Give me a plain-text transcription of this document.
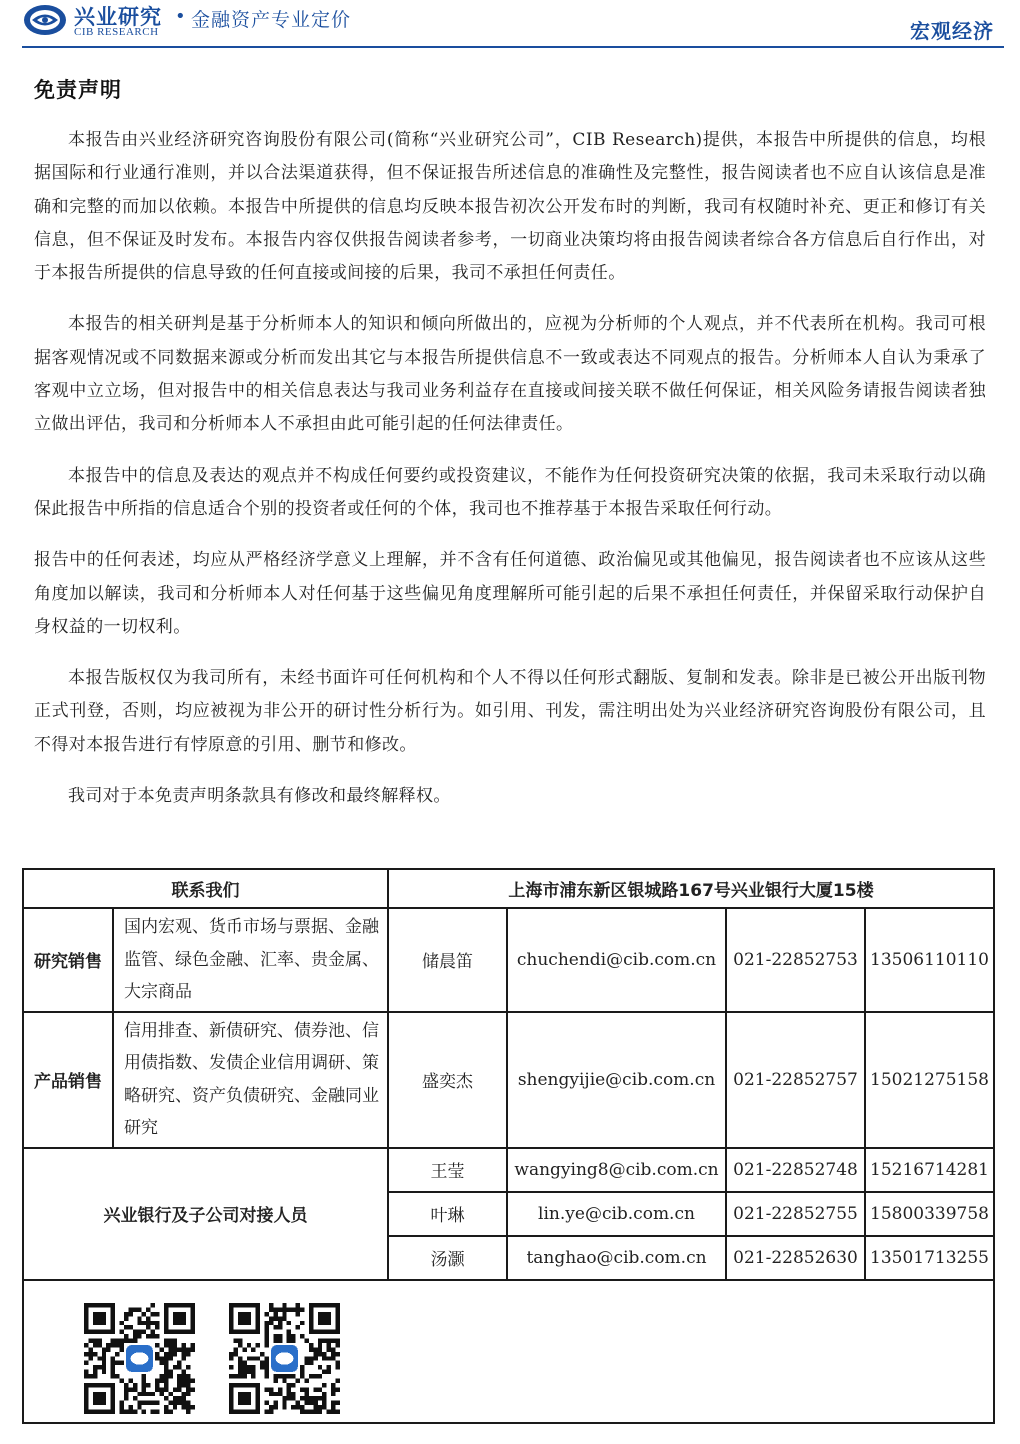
兴业研究
CIB RESEARCH
• 金融资产专业定价	宏观经济
免责声明

本报告由兴业经济研究咨询股份有限公司(简称“兴业研究公司”，CIB Research)提供，本报告中所提供的信息，均根据国际和行业通行准则，并以合法渠道获得，但不保证报告所述信息的准确性及完整性，报告阅读者也不应自认该信息是准确和完整的而加以依赖。本报告中所提供的信息均反映本报告初次公开发布时的判断，我司有权随时补充、更正和修订有关信息，但不保证及时发布。本报告内容仅供报告阅读者参考，一切商业决策均将由报告阅读者综合各方信息后自行作出，对于本报告所提供的信息导致的任何直接或间接的后果，我司不承担任何责任。

本报告的相关研判是基于分析师本人的知识和倾向所做出的，应视为分析师的个人观点，并不代表所在机构。我司可根据客观情况或不同数据来源或分析而发出其它与本报告所提供信息不一致或表达不同观点的报告。分析师本人自认为秉承了客观中立立场，但对报告中的相关信息表达与我司业务利益存在直接或间接关联不做任何保证，相关风险务请报告阅读者独立做出评估，我司和分析师本人不承担由此可能引起的任何法律责任。

本报告中的信息及表达的观点并不构成任何要约或投资建议，不能作为任何投资研究决策的依据，我司未采取行动以确保此报告中所指的信息适合个别的投资者或任何的个体，我司也不推荐基于本报告采取任何行动。

报告中的任何表述，均应从严格经济学意义上理解，并不含有任何道德、政治偏见或其他偏见，报告阅读者也不应该从这些角度加以解读，我司和分析师本人对任何基于这些偏见角度理解所可能引起的后果不承担任何责任，并保留采取行动保护自身权益的一切权利。

本报告版权仅为我司所有，未经书面许可任何机构和个人不得以任何形式翻版、复制和发表。除非是已被公开出版刊物正式刊登，否则，均应被视为非公开的研讨性分析行为。如引用、刊发，需注明出处为兴业经济研究咨询股份有限公司，且不得对本报告进行有悖原意的引用、删节和修改。

我司对于本免责声明条款具有修改和最终解释权。

联系我们		上海市浦东新区银城路167号兴业银行大厦15楼			
研究销售	国内宏观、货币市场与票据、金融监管、绿色金融、汇率、贵金属、大宗商品	储晨笛	chuchendi@cib.com.cn	021-22852753	13506110110
产品销售	信用排查、新债研究、债券池、信用债指数、发债企业信用调研、策略研究、资产负债研究、金融同业研究	盛奕杰	shengyijie@cib.com.cn	021-22852757	15021275158
兴业银行及子公司对接人员		王莹	wangying8@cib.com.cn	021-22852748	15216714281
		叶琳	lin.ye@cib.com.cn	021-22852755	15800339758
		汤灏	tanghao@cib.com.cn	021-22852630	13501713255
